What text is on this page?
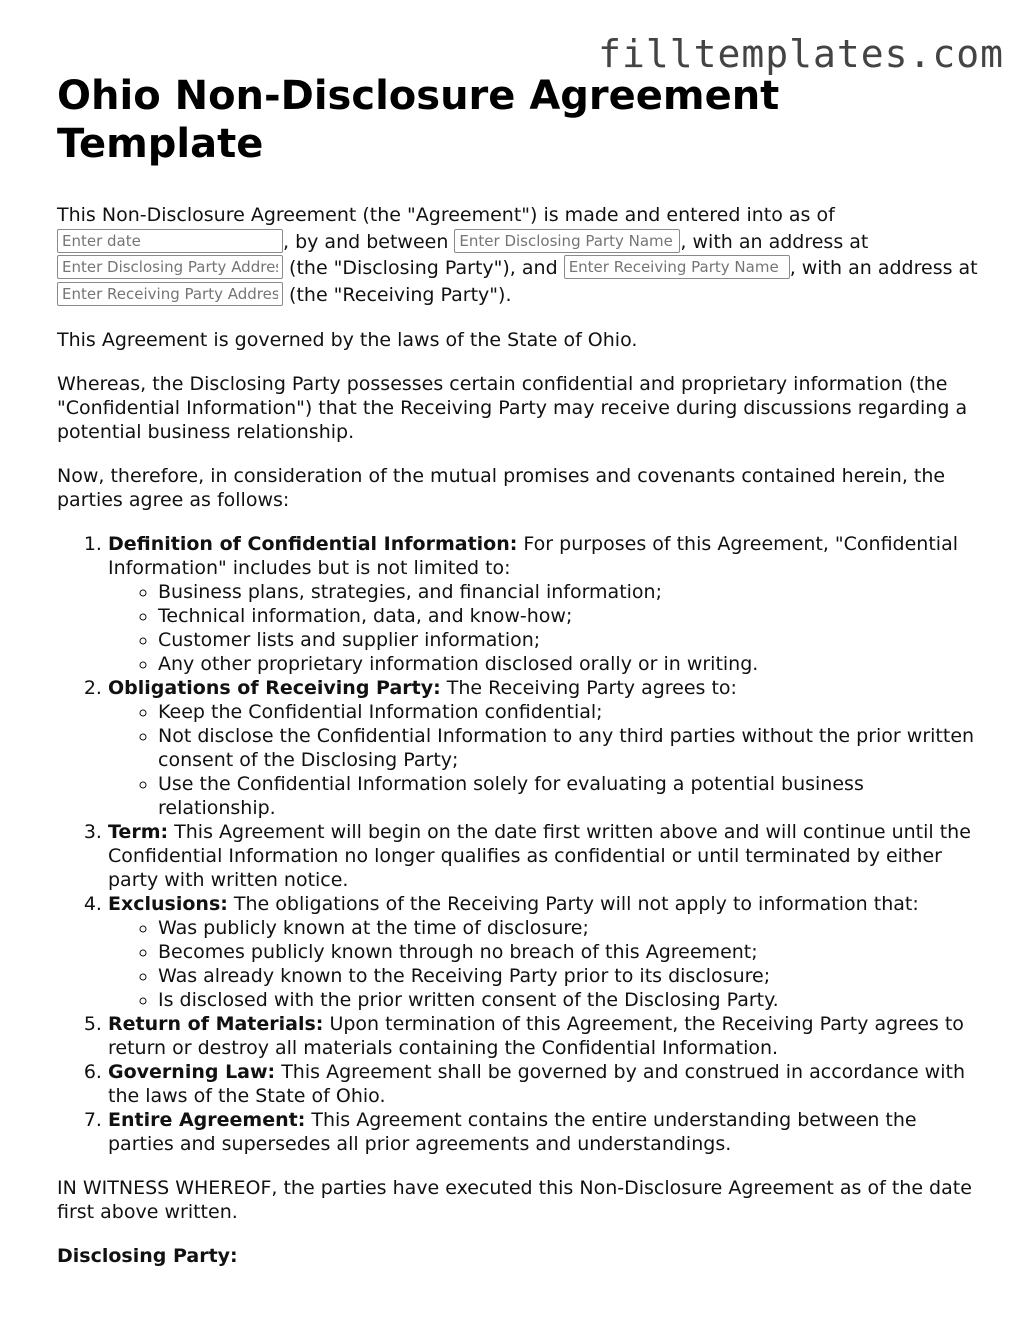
filltemplates.com
Ohio Non-Disclosure Agreement Template

This Non-Disclosure Agreement (the "Agreement") is made and entered into as of
Enter date, by and between Enter Disclosing Party Name	, with an address at
Enter Disclosing Party Address (the "Disclosing Party"), and Enter Receiving Party Name	, with an address at Enter Receiving Party Address (the "Receiving Party").

This Agreement is governed by the laws of the State of Ohio.

Whereas, the Disclosing Party possesses certain confidential and proprietary information (the "Confidential Information") that the Receiving Party may receive during discussions regarding a potential business relationship.

Now, therefore, in consideration of the mutual promises and covenants contained herein, the parties agree as follows:

1. Definition of Confidential Information: For purposes of this Agreement, "Confidential Information" includes but is not limited to:
◦ Business plans, strategies, and financial information;
◦ Technical information, data, and know-how;
◦ Customer lists and supplier information;
◦ Any other proprietary information disclosed orally or in writing.
2. Obligations of Receiving Party: The Receiving Party agrees to:
◦ Keep the Confidential Information confidential;
◦ Not disclose the Confidential Information to any third parties without the prior written consent of the Disclosing Party;
◦ Use the Confidential Information solely for evaluating a potential business relationship.
3. Term: This Agreement will begin on the date first written above and will continue until the Confidential Information no longer qualifies as confidential or until terminated by either party with written notice.
4. Exclusions: The obligations of the Receiving Party will not apply to information that:
◦ Was publicly known at the time of disclosure;
◦ Becomes publicly known through no breach of this Agreement;
◦ Was already known to the Receiving Party prior to its disclosure;
◦ Is disclosed with the prior written consent of the Disclosing Party.
5. Return of Materials: Upon termination of this Agreement, the Receiving Party agrees to return or destroy all materials containing the Confidential Information.
6. Governing Law: This Agreement shall be governed by and construed in accordance with the laws of the State of Ohio.
7. Entire Agreement: This Agreement contains the entire understanding between the parties and supersedes all prior agreements and understandings.

IN WITNESS WHEREOF, the parties have executed this Non-Disclosure Agreement as of the date first above written.

Disclosing Party:
